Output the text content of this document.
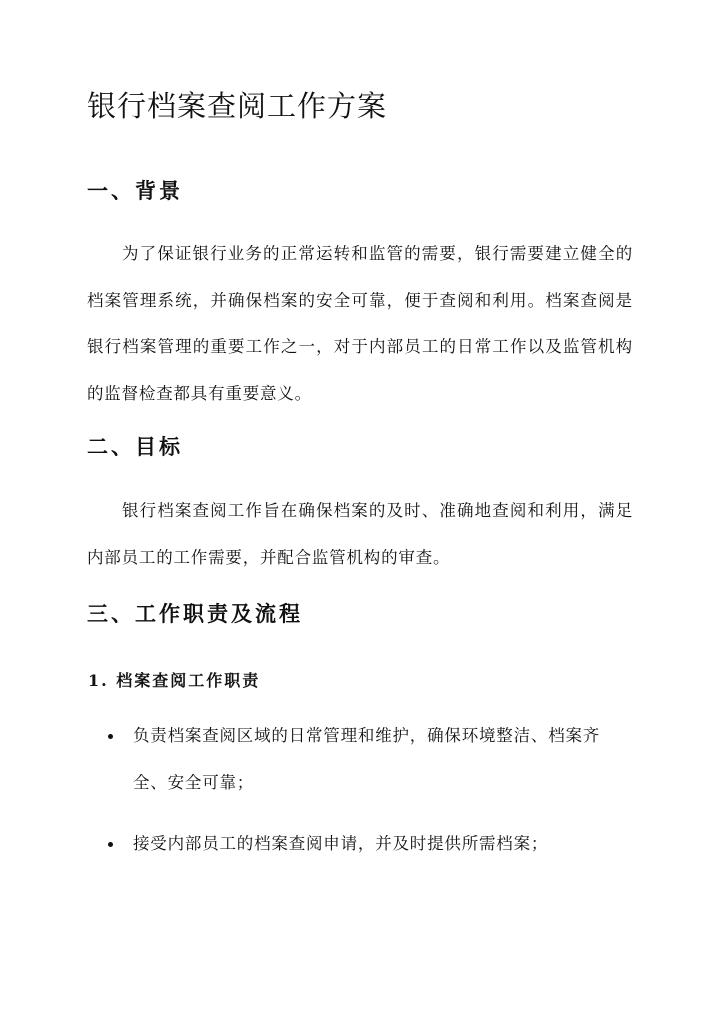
银行档案查阅工作方案
一、背景

为了保证银行业务的正常运转和监管的需要，银行需要建立健全的档案管理系统，并确保档案的安全可靠，便于查阅和利用。档案查阅是银行档案管理的重要工作之一，对于内部员工的日常工作以及监管机构的监督检查都具有重要意义。

二、目标

银行档案查阅工作旨在确保档案的及时、准确地查阅和利用，满足内部员工的工作需要，并配合监管机构的审查。

三、工作职责及流程
1. 档案查阅工作职责
负责档案查阅区域的日常管理和维护，确保环境整洁、档案齐全、安全可靠；
接受内部员工的档案查阅申请，并及时提供所需档案；
